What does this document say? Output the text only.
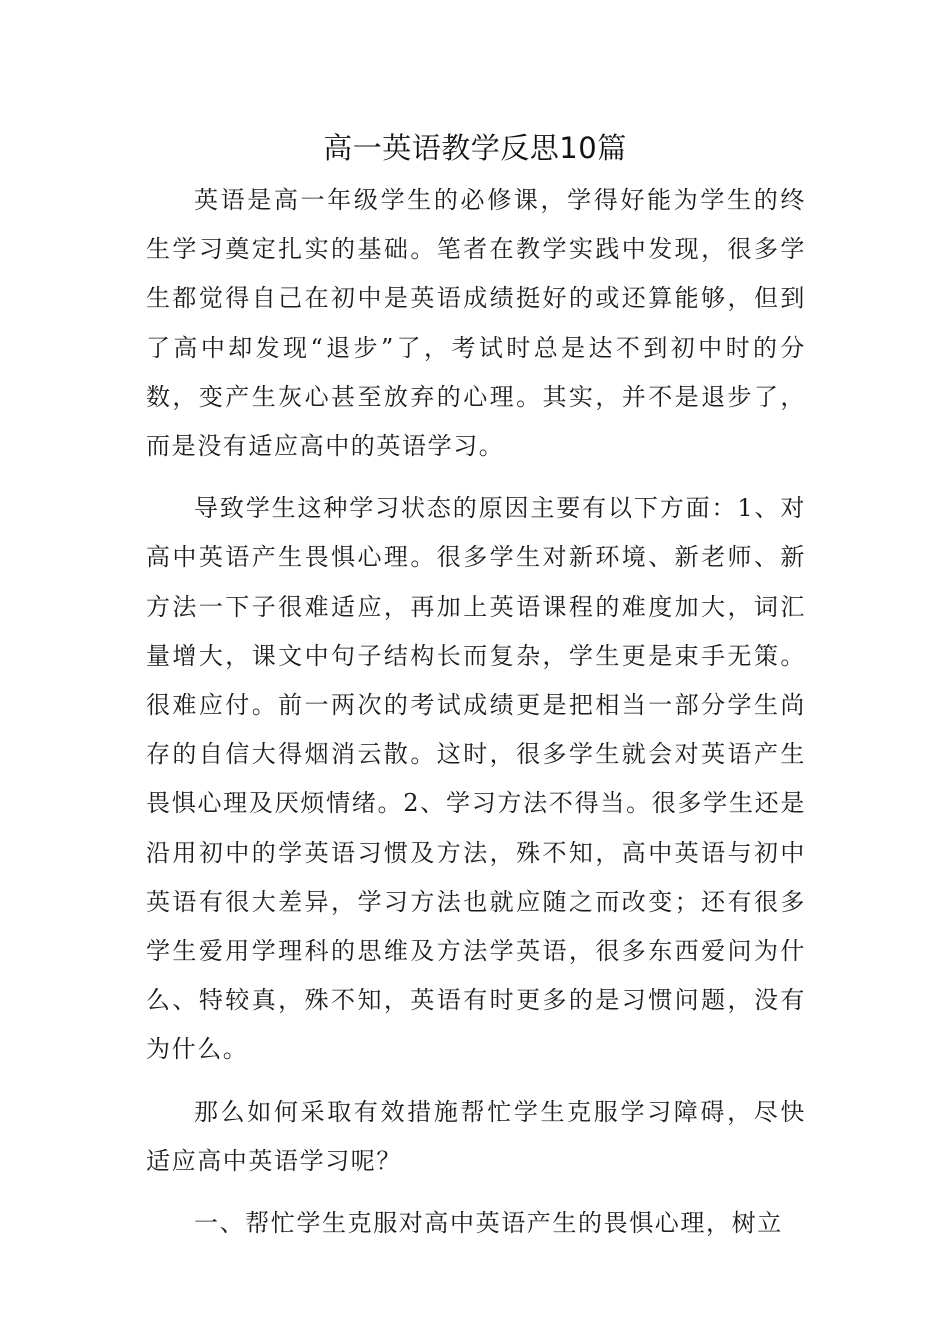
高一英语教学反思10篇

英语是高一年级学生的必修课，学得好能为学生的终生学习奠定扎实的基础。笔者在教学实践中发现，很多学生都觉得自己在初中是英语成绩挺好的或还算能够，但到了高中却发现“退步”了，考试时总是达不到初中时的分数，变产生灰心甚至放弃的心理。其实，并不是退步了，而是没有适应高中的英语学习。

导致学生这种学习状态的原因主要有以下方面：1、对高中英语产生畏惧心理。很多学生对新环境、新老师、新方法一下子很难适应，再加上英语课程的难度加大，词汇量增大，课文中句子结构长而复杂，学生更是束手无策。很难应付。前一两次的考试成绩更是把相当一部分学生尚存的自信大得烟消云散。这时，很多学生就会对英语产生畏惧心理及厌烦情绪。2、学习方法不得当。很多学生还是沿用初中的学英语习惯及方法，殊不知，高中英语与初中英语有很大差异，学习方法也就应随之而改变；还有很多学生爱用学理科的思维及方法学英语，很多东西爱问为什么、特较真，殊不知，英语有时更多的是习惯问题，没有为什么。

那么如何采取有效措施帮忙学生克服学习障碍，尽快适应高中英语学习呢？

一、帮忙学生克服对高中英语产生的畏惧心理，树立
